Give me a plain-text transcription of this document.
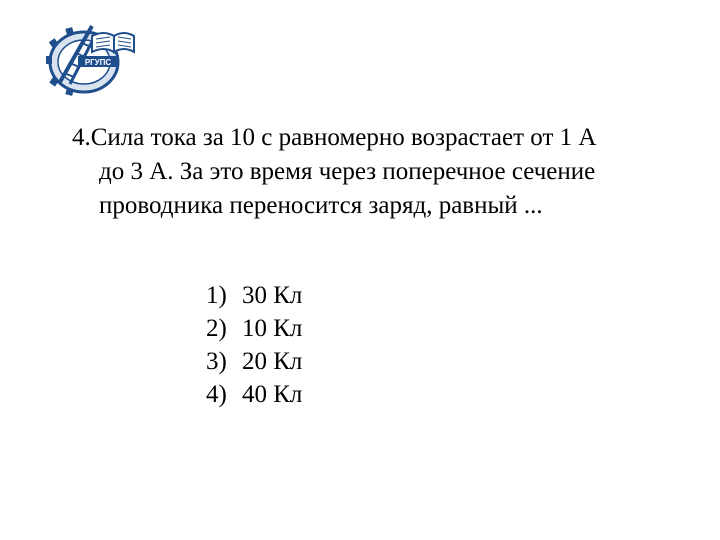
РГУПС
4.Сила тока за 10 с равномерно возрастает от 1 А
до 3 А. За это время через поперечное сечение
проводника переносится заряд, равный ...
1) 30 Кл
2) 10 Кл
3) 20 Кл
4) 40 Кл
